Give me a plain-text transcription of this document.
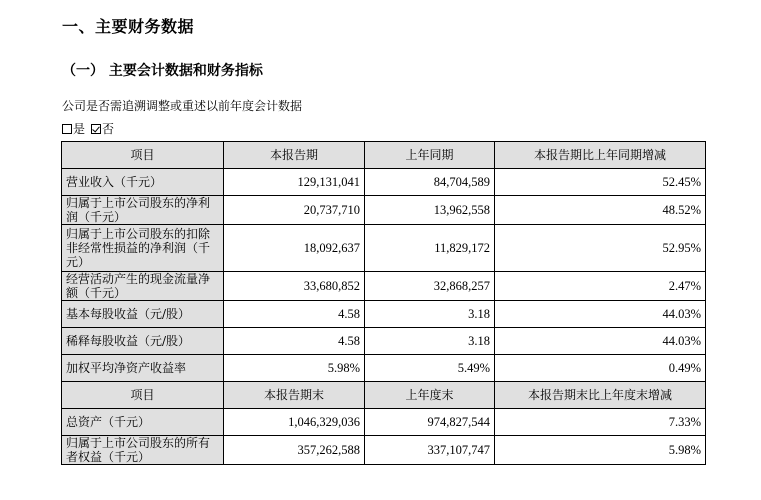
一、主要财务数据
（一） 主要会计数据和财务指标
公司是否需追溯调整或重述以前年度会计数据
是 否
项目	本报告期	上年同期	本报告期比上年同期增减
营业收入（千元）	129,131,041	84,704,589	52.45%
归属于上市公司股东的净利润（千元）	20,737,710	13,962,558	48.52%
归属于上市公司股东的扣除非经常性损益的净利润（千元）	18,092,637	11,829,172	52.95%
经营活动产生的现金流量净额（千元）	33,680,852	32,868,257	2.47%
基本每股收益（元/股）	4.58	3.18	44.03%
稀释每股收益（元/股）	4.58	3.18	44.03%
加权平均净资产收益率	5.98%	5.49%	0.49%
项目	本报告期末	上年度末	本报告期末比上年度末增减
总资产（千元）	1,046,329,036	974,827,544	7.33%
归属于上市公司股东的所有者权益（千元）	357,262,588	337,107,747	5.98%
